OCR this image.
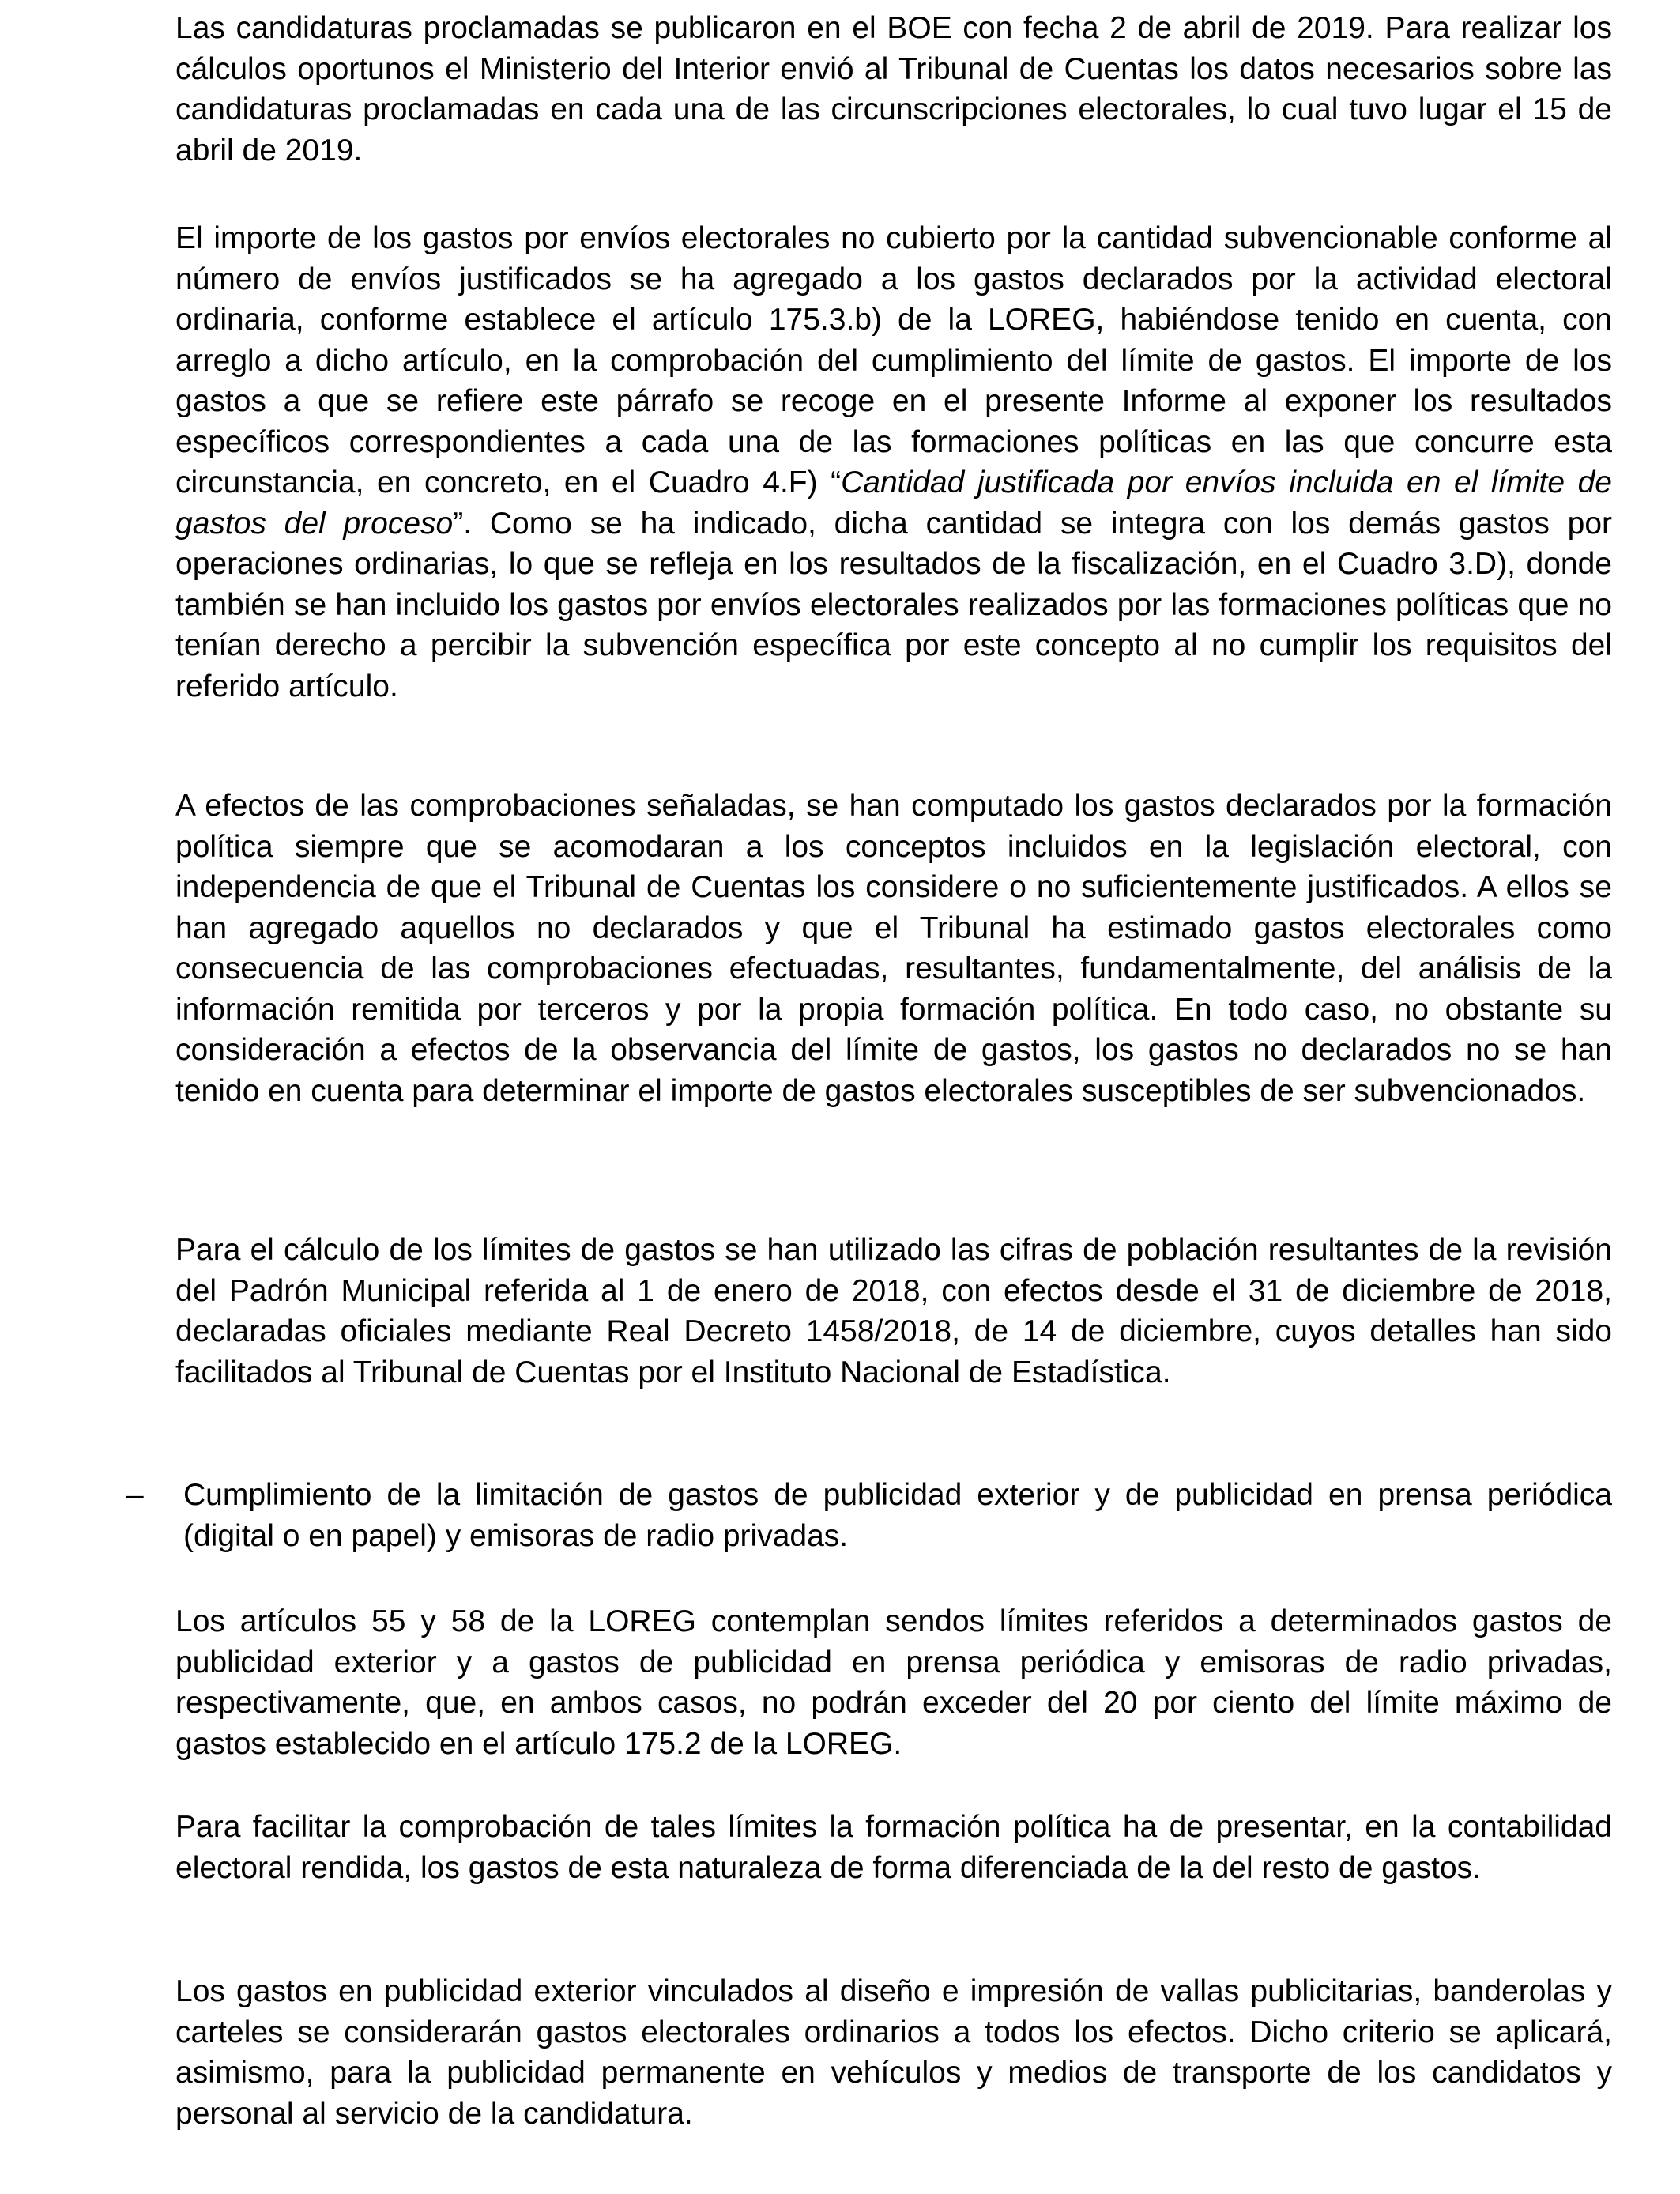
Las candidaturas proclamadas se publicaron en el BOE con fecha 2 de abril de 2019. Para realizar los cálculos oportunos el Ministerio del Interior envió al Tribunal de Cuentas los datos necesarios sobre las candidaturas proclamadas en cada una de las circunscripciones electorales, lo cual tuvo lugar el 15 de abril de 2019.

El importe de los gastos por envíos electorales no cubierto por la cantidad subvencionable conforme al número de envíos justificados se ha agregado a los gastos declarados por la actividad electoral ordinaria, conforme establece el artículo 175.3.b) de la LOREG, habiéndose tenido en cuenta, con arreglo a dicho artículo, en la comprobación del cumplimiento del límite de gastos. El importe de los gastos a que se refiere este párrafo se recoge en el presente Informe al exponer los resultados específicos correspondientes a cada una de las formaciones políticas en las que concurre esta circunstancia, en concreto, en el Cuadro 4.F) “Cantidad justificada por envíos incluida en el límite de gastos del proceso”. Como se ha indicado, dicha cantidad se integra con los demás gastos por operaciones ordinarias, lo que se refleja en los resultados de la fiscalización, en el Cuadro 3.D), donde también se han incluido los gastos por envíos electorales realizados por las formaciones políticas que no tenían derecho a percibir la subvención específica por este concepto al no cumplir los requisitos del referido artículo.

A efectos de las comprobaciones señaladas, se han computado los gastos declarados por la formación política siempre que se acomodaran a los conceptos incluidos en la legislación electoral, con independencia de que el Tribunal de Cuentas los considere o no suficientemente justificados. A ellos se han agregado aquellos no declarados y que el Tribunal ha estimado gastos electorales como consecuencia de las comprobaciones efectuadas, resultantes, fundamentalmente, del análisis de la información remitida por terceros y por la propia formación política. En todo caso, no obstante su consideración a efectos de la observancia del límite de gastos, los gastos no declarados no se han tenido en cuenta para determinar el importe de gastos electorales susceptibles de ser subvencionados.

Para el cálculo de los límites de gastos se han utilizado las cifras de población resultantes de la revisión del Padrón Municipal referida al 1 de enero de 2018, con efectos desde el 31 de diciembre de 2018, declaradas oficiales mediante Real Decreto 1458/2018, de 14 de diciembre, cuyos detalles han sido facilitados al Tribunal de Cuentas por el Instituto Nacional de Estadística.

– Cumplimiento de la limitación de gastos de publicidad exterior y de publicidad en prensa periódica (digital o en papel) y emisoras de radio privadas.

Los artículos 55 y 58 de la LOREG contemplan sendos límites referidos a determinados gastos de publicidad exterior y a gastos de publicidad en prensa periódica y emisoras de radio privadas, respectivamente, que, en ambos casos, no podrán exceder del 20 por ciento del límite máximo de gastos establecido en el artículo 175.2 de la LOREG.

Para facilitar la comprobación de tales límites la formación política ha de presentar, en la contabilidad electoral rendida, los gastos de esta naturaleza de forma diferenciada de la del resto de gastos.

Los gastos en publicidad exterior vinculados al diseño e impresión de vallas publicitarias, banderolas y carteles se considerarán gastos electorales ordinarios a todos los efectos. Dicho criterio se aplicará, asimismo, para la publicidad permanente en vehículos y medios de transporte de los candidatos y personal al servicio de la candidatura.
